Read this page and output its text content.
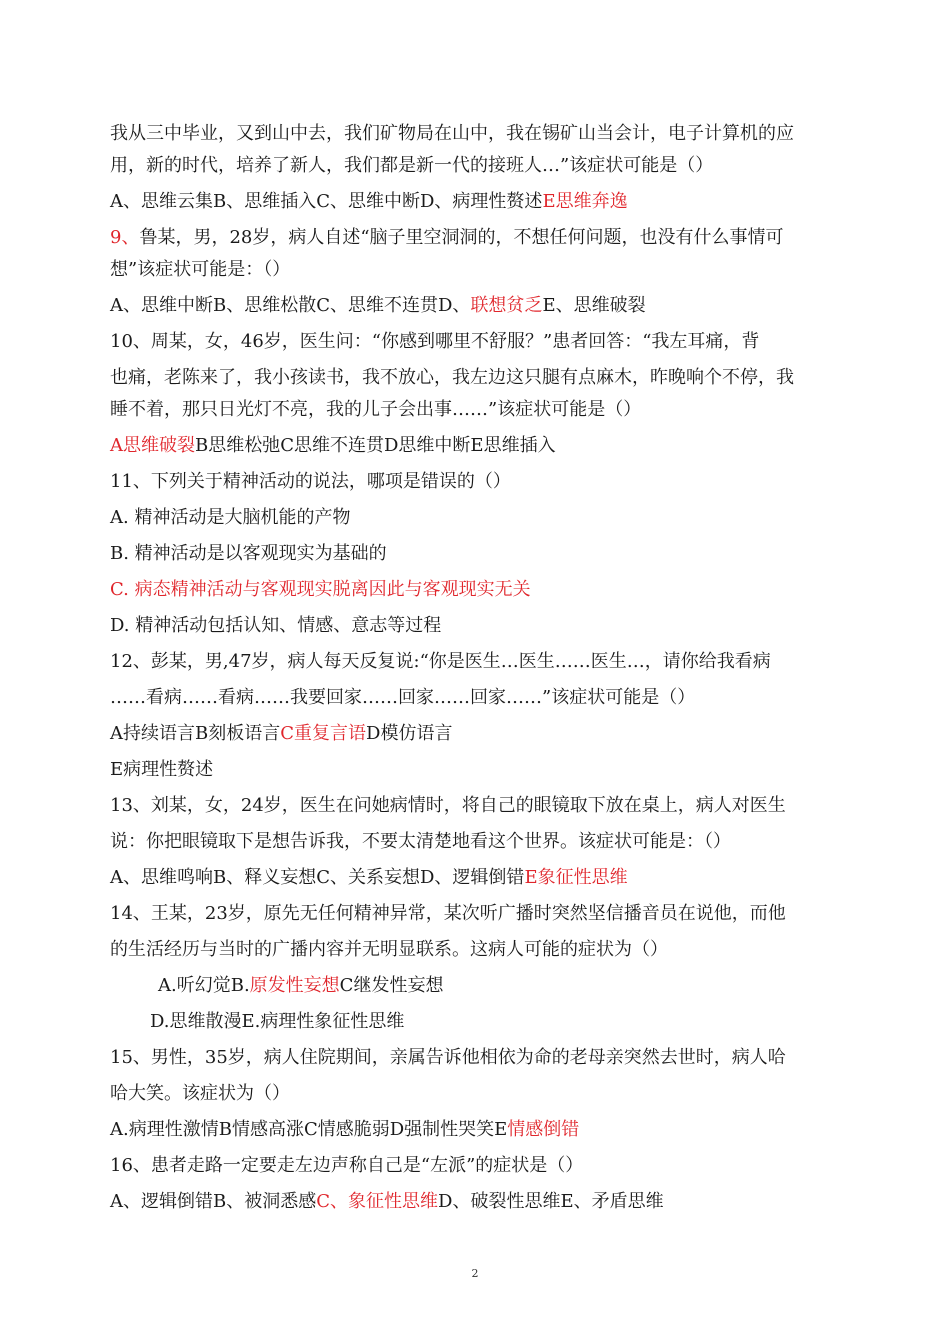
我从三中毕业，又到山中去，我们矿物局在山中，我在锡矿山当会计，电子计算机的应
用，新的时代，培养了新人，我们都是新一代的接班人…”该症状可能是（）
A、思维云集B、思维插入C、思维中断D、病理性赘述E思维奔逸
9、鲁某，男，28岁，病人自述“脑子里空洞洞的，不想任何问题，也没有什么事情可
想”该症状可能是：（）
A、思维中断B、思维松散C、思维不连贯D、联想贫乏E、思维破裂
10、周某，女，46岁，医生问：“你感到哪里不舒服？”患者回答：“我左耳痛，背
也痛，老陈来了，我小孩读书，我不放心，我左边这只腿有点麻木，昨晚响个不停，我
睡不着，那只日光灯不亮，我的儿子会出事……”该症状可能是（）
A思维破裂B思维松弛C思维不连贯D思维中断E思维插入
11、下列关于精神活动的说法，哪项是错误的（）
A. 精神活动是大脑机能的产物
B. 精神活动是以客观现实为基础的
C. 病态精神活动与客观现实脱离因此与客观现实无关
D. 精神活动包括认知、情感、意志等过程
12、彭某，男,47岁，病人每天反复说:“你是医生…医生……医生…，请你给我看病
……看病……看病……我要回家……回家……回家……”该症状可能是（）
A持续语言B刻板语言C重复言语D模仿语言
E病理性赘述
13、刘某，女，24岁，医生在问她病情时，将自己的眼镜取下放在桌上，病人对医生
说：你把眼镜取下是想告诉我，不要太清楚地看这个世界。该症状可能是：（）
A、思维鸣响B、释义妄想C、关系妄想D、逻辑倒错E象征性思维
14、王某，23岁，原先无任何精神异常，某次听广播时突然坚信播音员在说他，而他
的生活经历与当时的广播内容并无明显联系。这病人可能的症状为（）
A.听幻觉B.原发性妄想C继发性妄想
D.思维散漫E.病理性象征性思维
15、男性，35岁，病人住院期间，亲属告诉他相依为命的老母亲突然去世时，病人哈
哈大笑。该症状为（）
A.病理性激情B情感高涨C情感脆弱D强制性哭笑E情感倒错
16、患者走路一定要走左边声称自己是“左派”的症状是（）
A、逻辑倒错B、被洞悉感C、象征性思维D、破裂性思维E、矛盾思维
2
